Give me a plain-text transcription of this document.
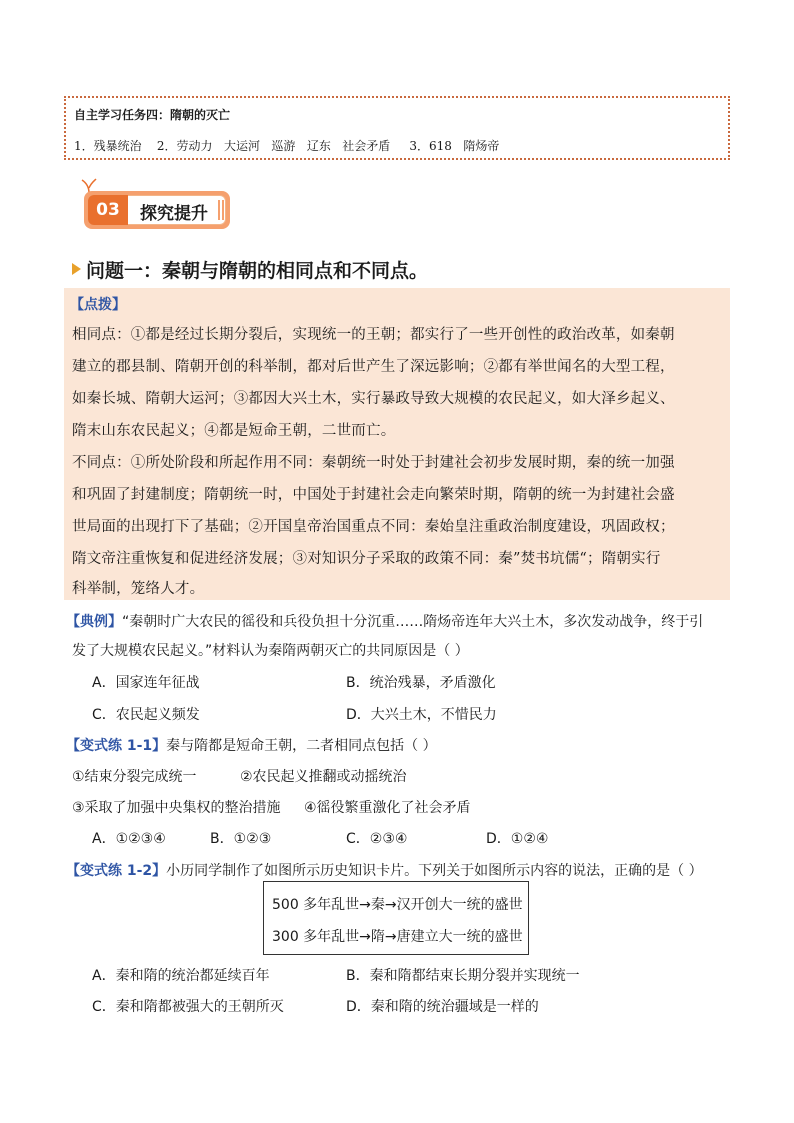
自主学习任务四：隋朝的灭亡
1．残暴统治    2．劳动力   大运河   巡游   辽东   社会矛盾     3．618   隋炀帝
03	探究提升
问题一：秦朝与隋朝的相同点和不同点。
【点拨】
相同点：①都是经过长期分裂后，实现统一的王朝；都实行了一些开创性的政治改革，如秦朝
建立的郡县制、隋朝开创的科举制，都对后世产生了深远影响；②都有举世闻名的大型工程，
如秦长城、隋朝大运河；③都因大兴土木，实行暴政导致大规模的农民起义，如大泽乡起义、
隋末山东农民起义；④都是短命王朝，二世而亡。
不同点：①所处阶段和所起作用不同：秦朝统一时处于封建社会初步发展时期，秦的统一加强
和巩固了封建制度；隋朝统一时，中国处于封建社会走向繁荣时期，隋朝的统一为封建社会盛
世局面的出现打下了基础；②开国皇帝治国重点不同：秦始皇注重政治制度建设，巩固政权；
隋文帝注重恢复和促进经济发展；③对知识分子采取的政策不同：秦”焚书坑儒“；隋朝实行
科举制，笼络人才。
【典例】“秦朝时广大农民的徭役和兵役负担十分沉重……隋炀帝连年大兴土木，多次发动战争，终于引
发了大规模农民起义。”材料认为秦隋两朝灭亡的共同原因是（ ）
A．国家连年征战	B．统治残暴，矛盾激化
C．农民起义频发	D．大兴土木，不惜民力
【变式练 1-1】秦与隋都是短命王朝，二者相同点包括（ ）
①结束分裂完成统一	②农民起义推翻或动摇统治
③采取了加强中央集权的整治措施 ④徭役繁重激化了社会矛盾
A．①②③④	B．①②③	C．②③④	D．①②④
【变式练 1-2】小历同学制作了如图所示历史知识卡片。下列关于如图所示内容的说法，正确的是（ ）
500 多年乱世→秦→汉开创大一统的盛世
300 多年乱世→隋→唐建立大一统的盛世
A．秦和隋的统治都延续百年	B．秦和隋都结束长期分裂并实现统一
C．秦和隋都被强大的王朝所灭	D．秦和隋的统治疆域是一样的
